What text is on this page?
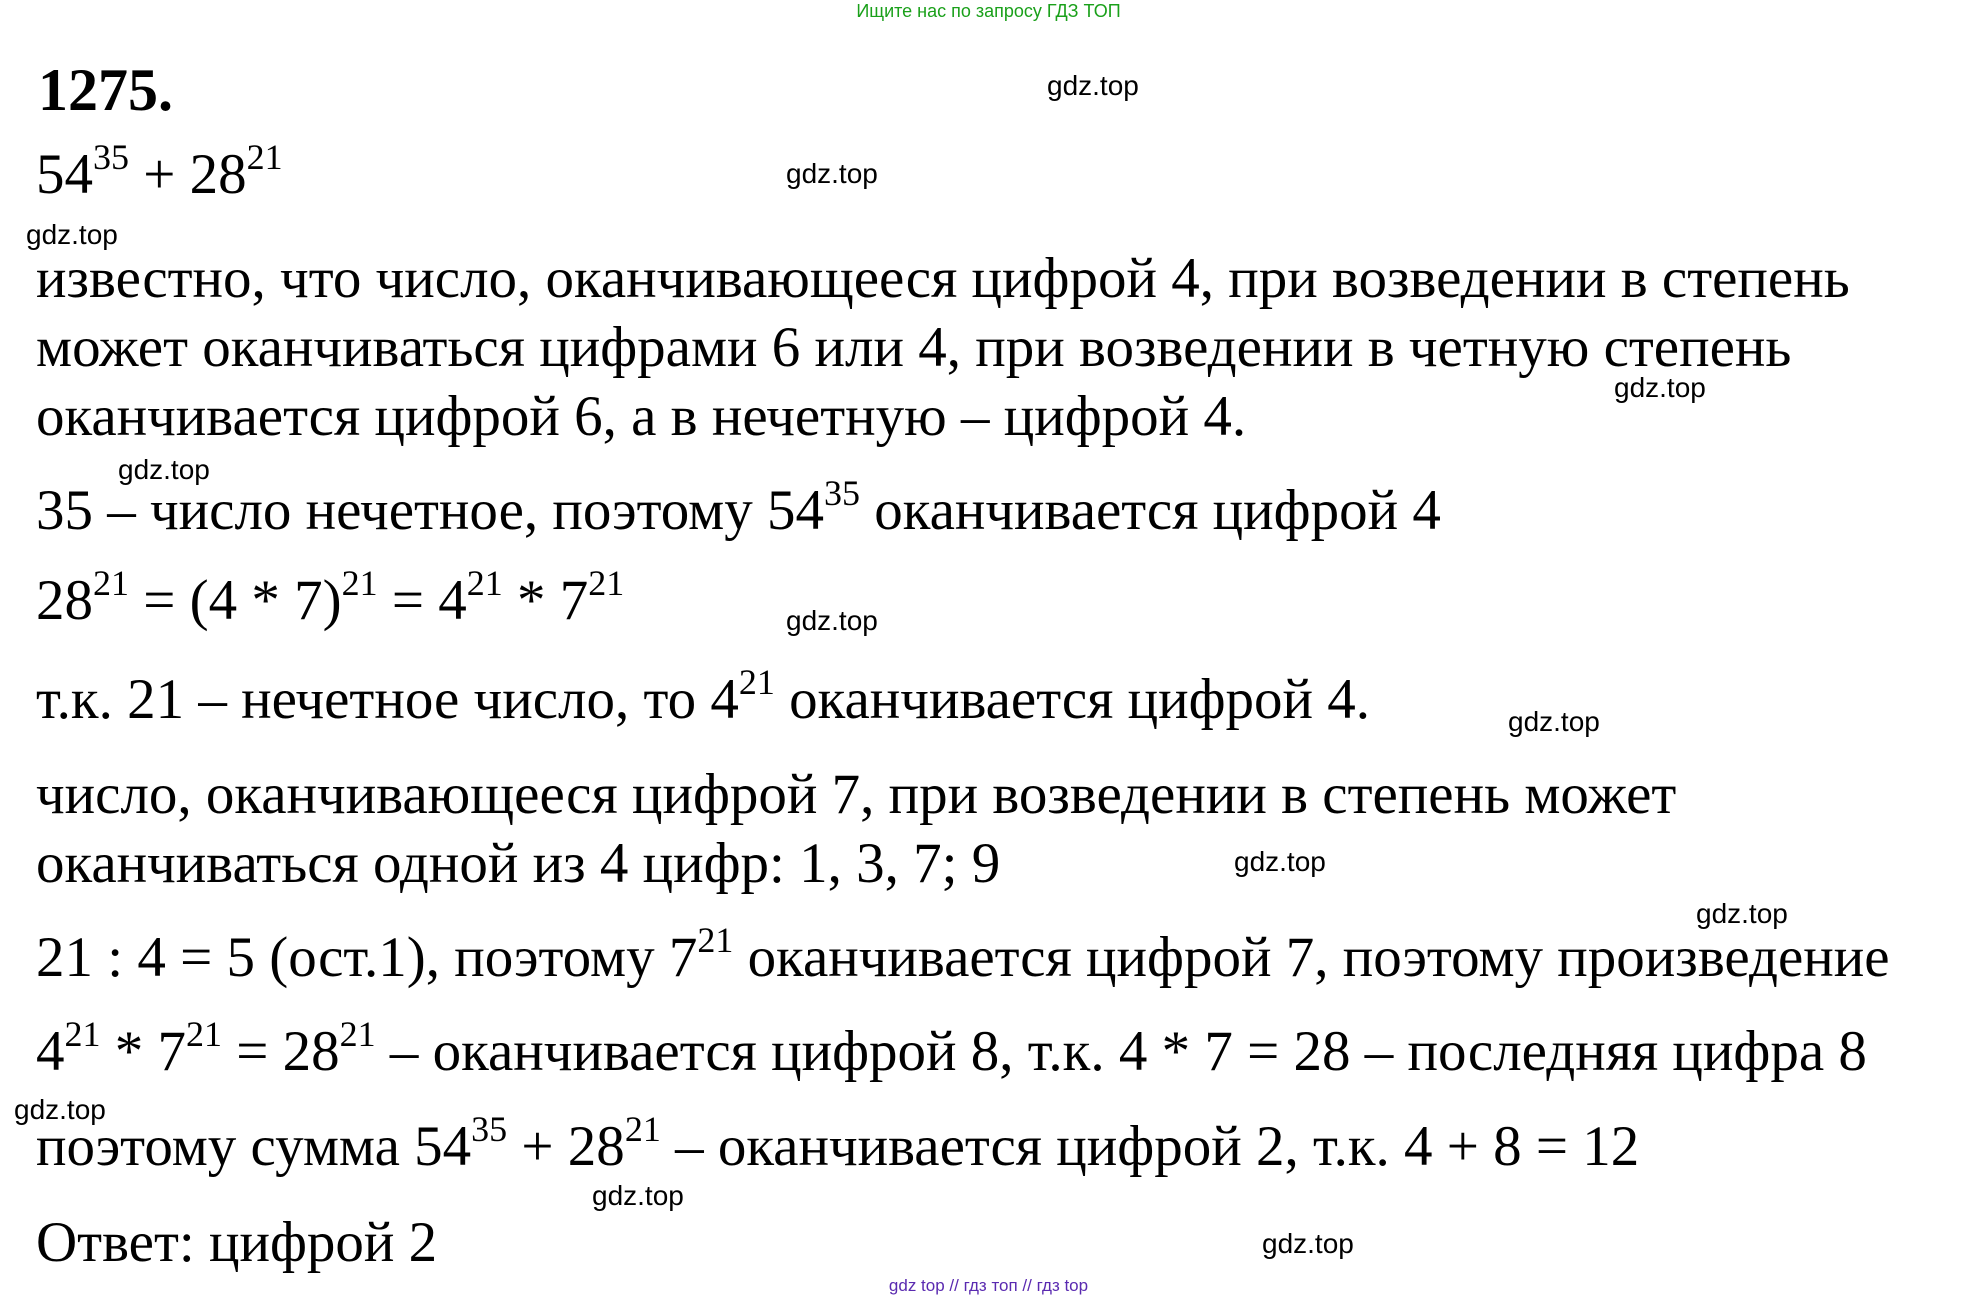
Ищите нас по запросу ГДЗ ТОП
1275.
$54^{35} + 28^{21}$
известно, что число, оканчивающееся цифрой 4, при возведении в степень
может оканчиваться цифрами 6 или 4, при возведении в четную степень
оканчивается цифрой 6, а в нечетную – цифрой 4.
35 – число нечетное, поэтому $54^{35}$ оканчивается цифрой 4
$28^{21} = (4 * 7)^{21} = 4^{21} * 7^{21}$
т.к. 21 – нечетное число, то $4^{21}$ оканчивается цифрой 4.
число, оканчивающееся цифрой 7, при возведении в степень может
оканчиваться одной из 4 цифр: 1, 3, 7; 9
21 : 4 = 5 (ост.1), поэтому $7^{21}$ оканчивается цифрой 7, поэтому произведение
$4^{21} * 7^{21} = 28^{21}$ – оканчивается цифрой 8, т.к. 4 * 7 = 28 – последняя цифра 8
поэтому сумма $54^{35} + 28^{21}$ – оканчивается цифрой 2, т.к. 4 + 8 = 12
Ответ: цифрой 2
gdz.top
gdz.top
gdz.top
gdz.top
gdz.top
gdz.top
gdz.top
gdz.top
gdz.top
gdz.top
gdz.top
gdz.top
gdz top // гдз топ // гдз top
